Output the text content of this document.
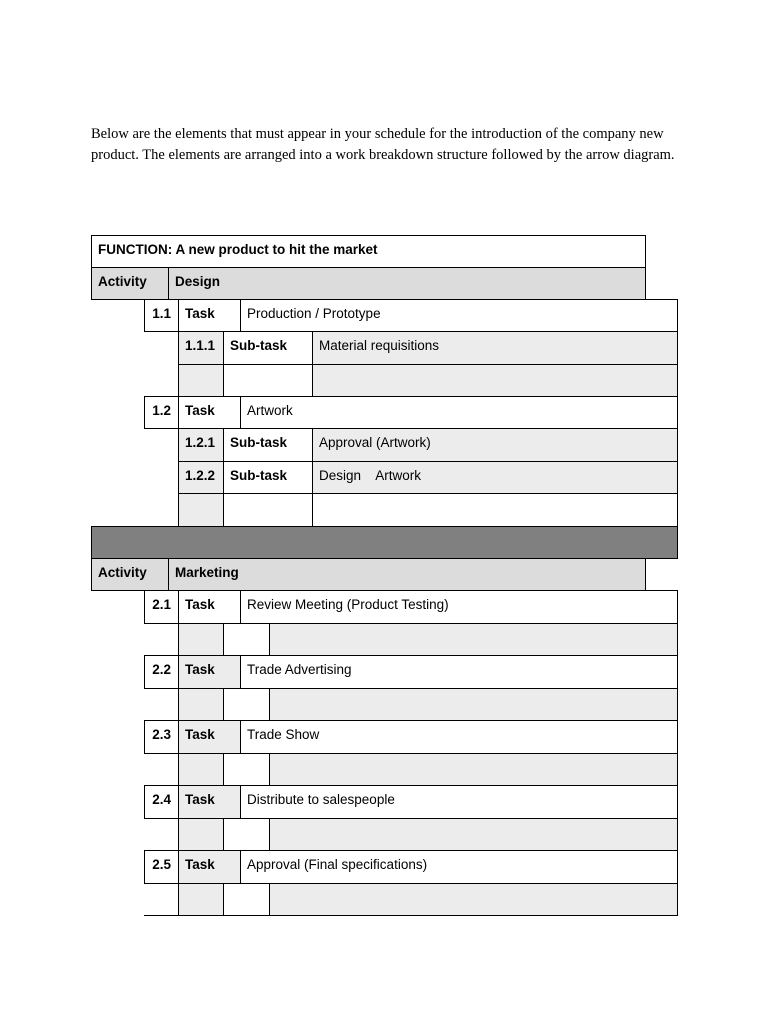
Below are the elements that must appear in your schedule for the introduction of the company new product. The elements are arranged into a work breakdown structure followed by the arrow diagram.
FUNCTION: A new product to hit the market
Activity	Design
1.1	Task	Production / Prototype
1.1.1	Sub-task	Material requisitions
1.2	Task	Artwork
1.2.1	Sub-task	Approval (Artwork)
1.2.2	Sub-task	Design    Artwork
Activity	Marketing
2.1	Task	Review Meeting (Product Testing)
2.2	Task	Trade Advertising
2.3	Task	Trade Show
2.4	Task	Distribute to salespeople
2.5	Task	Approval (Final specifications)
